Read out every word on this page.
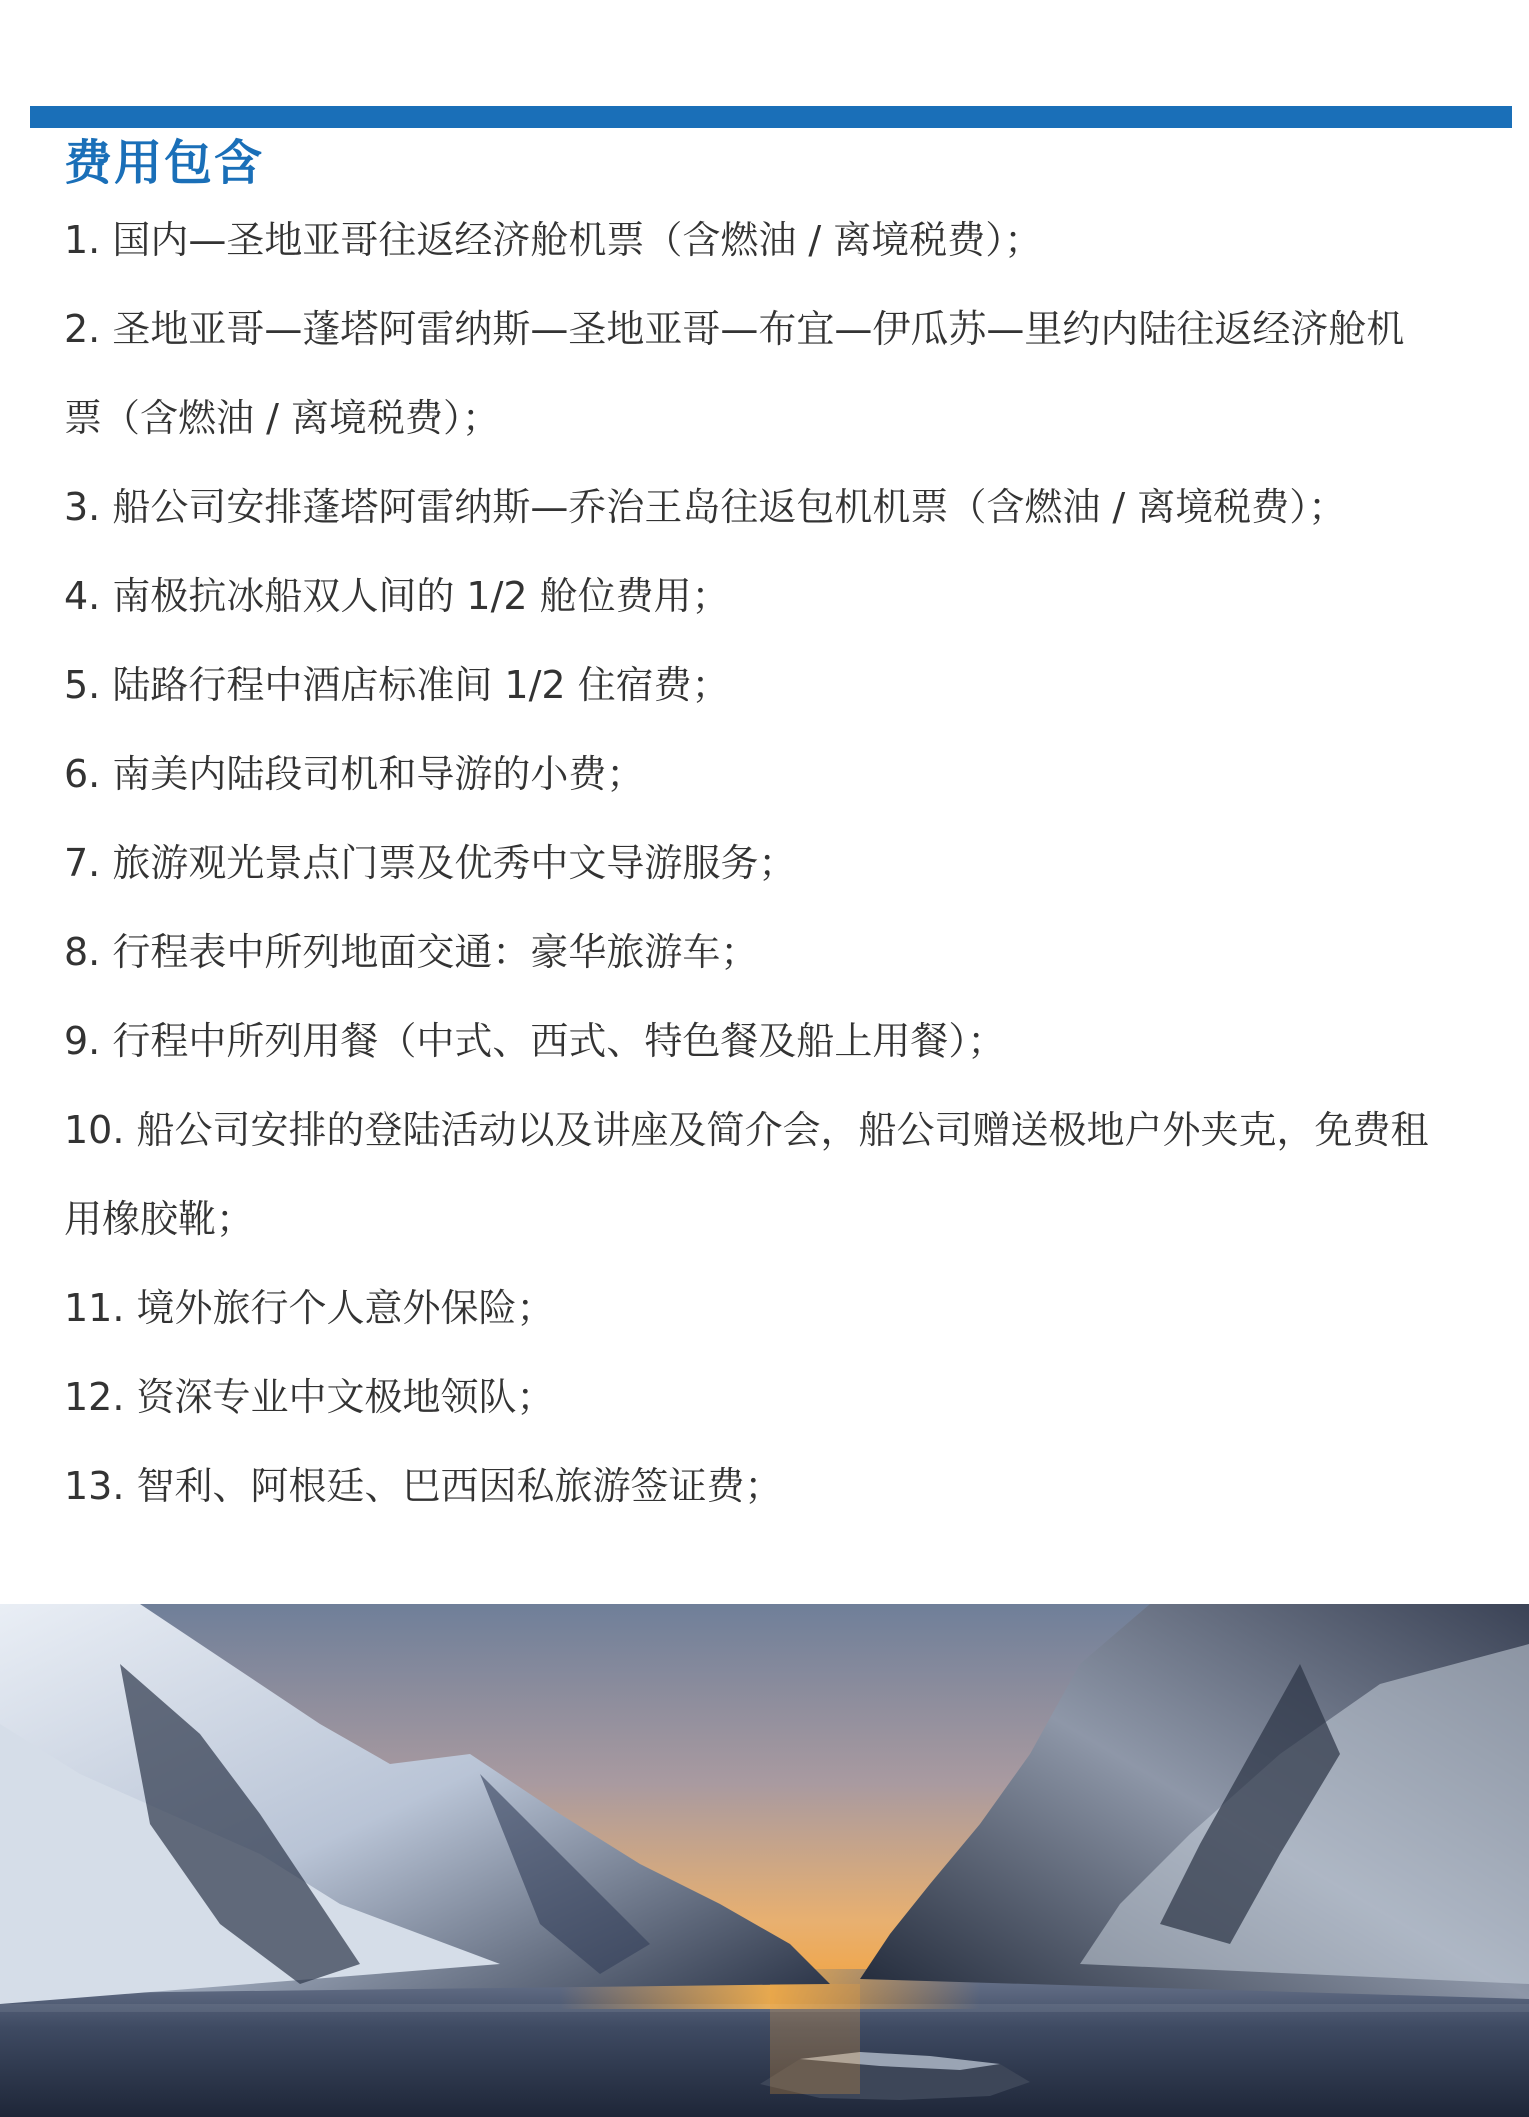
费用包含
1. 国内—圣地亚哥往返经济舱机票（含燃油 / 离境税费）；
2. 圣地亚哥—蓬塔阿雷纳斯—圣地亚哥—布宜—伊瓜苏—里约内陆往返经济舱机票（含燃油 / 离境税费）；
3. 船公司安排蓬塔阿雷纳斯—乔治王岛往返包机机票（含燃油 / 离境税费）；
4. 南极抗冰船双人间的 1/2 舱位费用；
5. 陆路行程中酒店标准间 1/2 住宿费；
6. 南美内陆段司机和导游的小费；
7. 旅游观光景点门票及优秀中文导游服务；
8. 行程表中所列地面交通：豪华旅游车；
9. 行程中所列用餐（中式、西式、特色餐及船上用餐）；
10. 船公司安排的登陆活动以及讲座及简介会，船公司赠送极地户外夹克，免费租用橡胶靴；
11. 境外旅行个人意外保险；
12. 资深专业中文极地领队；
13. 智利、阿根廷、巴西因私旅游签证费；
